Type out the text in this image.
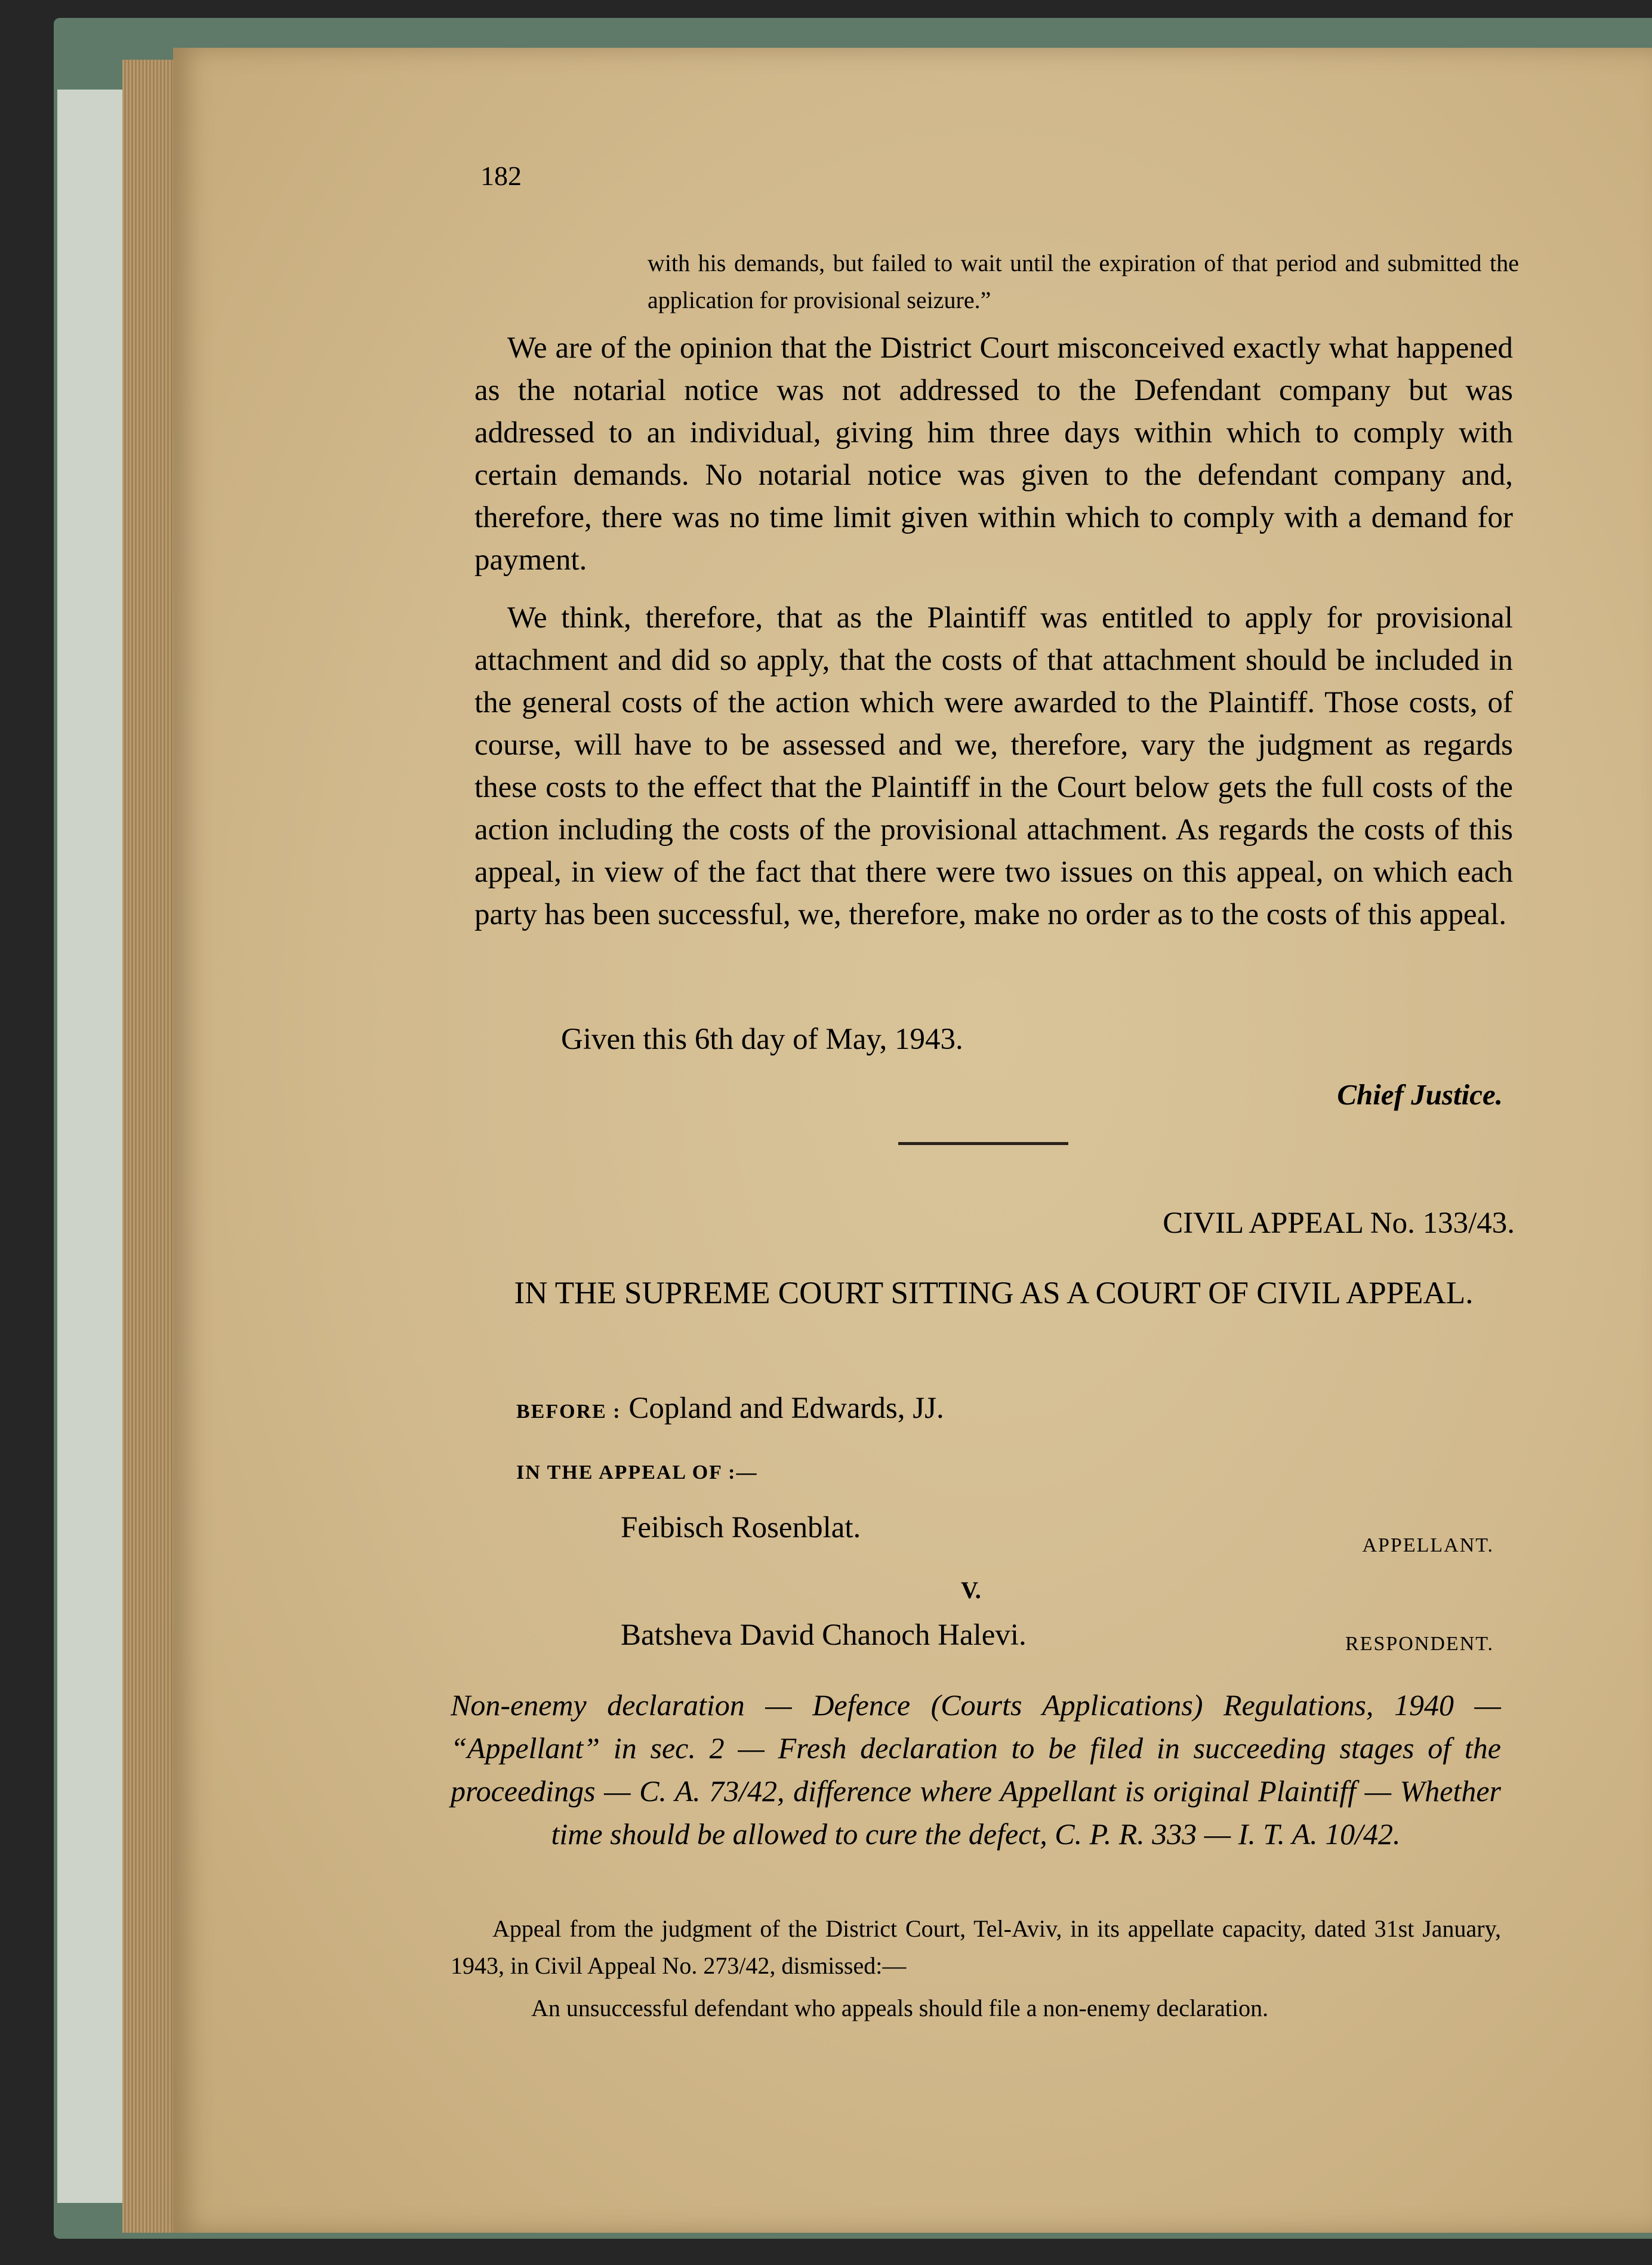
182
with his demands, but failed to wait until the expiration of that period and submitted the application for provisional seizure.”
We are of the opinion that the District Court misconceived exactly what happened as the notarial notice was not addressed to the Defendant company but was addressed to an individual, giving him three days within which to comply with certain demands. No notarial notice was given to the defendant company and, therefore, there was no time limit given within which to comply with a demand for payment.
We think, therefore, that as the Plaintiff was entitled to apply for provisional attachment and did so apply, that the costs of that attachment should be included in the general costs of the action which were awarded to the Plaintiff. Those costs, of course, will have to be assessed and we, therefore, vary the judgment as regards these costs to the effect that the Plaintiff in the Court below gets the full costs of the action including the costs of the provisional attachment. As regards the costs of this appeal, in view of the fact that there were two issues on this appeal, on which each party has been successful, we, therefore, make no order as to the costs of this appeal.
Given this 6th day of May, 1943.
Chief Justice.
CIVIL APPEAL No. 133/43.
IN THE SUPREME COURT SITTING AS A COURT OF CIVIL APPEAL.
BEFORE : Copland and Edwards, JJ.
IN THE APPEAL OF :—
Feibisch Rosenblat.
APPELLANT.
V.
Batsheva David Chanoch Halevi.	RESPONDENT.
Non-enemy declaration — Defence (Courts Applications) Regulations, 1940 — “Appellant” in sec. 2 — Fresh declaration to be filed in succeeding stages of the proceedings — C. A. 73/42, difference where Appellant is original Plaintiff — Whether time should be allowed to cure the defect, C. P. R. 333 — I. T. A. 10/42.
Appeal from the judgment of the District Court, Tel-Aviv, in its appellate capacity, dated 31st January, 1943, in Civil Appeal No. 273/42, dismissed:—
An unsuccessful defendant who appeals should file a non-enemy declaration.
